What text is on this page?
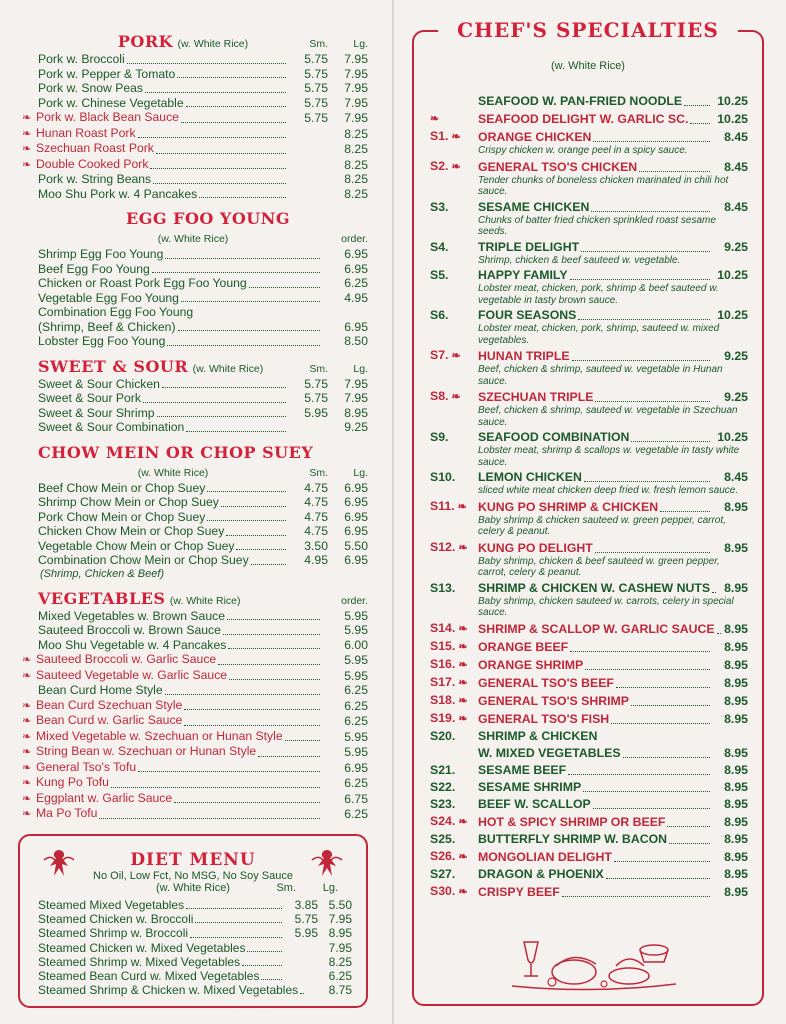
PORK (w. White Rice)	Sm.	Lg.
Pork w. Broccoli	5.75	7.95
Pork w. Pepper & Tomato	5.75	7.95
Pork w. Snow Peas	5.75	7.95
Pork w. Chinese Vegetable	5.75	7.95
❧ Pork w. Black Bean Sauce	5.75	7.95
❧ Hunan Roast Pork	8.25
❧ Szechuan Roast Pork	8.25
❧ Double Cooked Pork	8.25
Pork w. String Beans	8.25
Moo Shu Pork w. 4 Pancakes	8.25
EGG FOO YOUNG
(w. White Rice)	order.
Shrimp Egg Foo Young	6.95
Beef Egg Foo Young	6.95
Chicken or Roast Pork Egg Foo Young	6.25
Vegetable Egg Foo Young	4.95
Combination Egg Foo Young
(Shrimp, Beef & Chicken)	6.95
Lobster Egg Foo Young	8.50
SWEET & SOUR (w. White Rice)	Sm.	Lg.
Sweet & Sour Chicken	5.75	7.95
Sweet & Sour Pork	5.75	7.95
Sweet & Sour Shrimp	5.95	8.95
Sweet & Sour Combination	9.25
CHOW MEIN OR CHOP SUEY
(w. White Rice)	Sm.	Lg.
Beef Chow Mein or Chop Suey	4.75	6.95
Shrimp Chow Mein or Chop Suey	4.75	6.95
Pork Chow Mein or Chop Suey	4.75	6.95
Chicken Chow Mein or Chop Suey	4.75	6.95
Vegetable Chow Mein or Chop Suey	3.50	5.50
Combination Chow Mein or Chop Suey	4.95	6.95
(Shrimp, Chicken & Beef)
VEGETABLES (w. White Rice)	order.
Mixed Vegetables w. Brown Sauce	5.95
Sauteed Broccoli w. Brown Sauce	5.95
Moo Shu Vegetable w. 4 Pancakes	6.00
❧ Sauteed Broccoli w. Garlic Sauce	5.95
❧ Sauteed Vegetable w. Garlic Sauce	5.95
Bean Curd Home Style	6.25
❧ Bean Curd Szechuan Style	6.25
❧ Bean Curd w. Garlic Sauce	6.25
❧ Mixed Vegetable w. Szechuan or Hunan Style	5.95
❧ String Bean w. Szechuan or Hunan Style	5.95
❧ General Tso's Tofu	6.95
❧ Kung Po Tofu	6.25
❧ Eggplant w. Garlic Sauce	6.75
❧ Ma Po Tofu	6.25
DIET MENU
No Oil, Low Fct, No MSG, No Soy Sauce
(w. White Rice)	Sm. Lg.
Steamed Mixed Vegetables	3.85 5.50
Steamed Chicken w. Broccoli	5.75 7.95
Steamed Shrimp w. Broccoli	5.95 8.95
Steamed Chicken w. Mixed Vegetables	7.95
Steamed Shrimp w. Mixed Vegetables	8.25
Steamed Bean Curd w. Mixed Vegetables	6.25
Steamed Shrimp & Chicken w. Mixed Vegetables	8.75
CHEF'S SPECIALTIES
(w. White Rice)
SEAFOOD W. PAN-FRIED NOODLE	10.25
❧	SEAFOOD DELIGHT W. GARLIC SC.	10.25
S1. ❧	ORANGE CHICKEN	8.45
Crispy chicken w. orange peel in a spicy sauce.
S2. ❧	GENERAL TSO'S CHICKEN	8.45
Tender chunks of boneless chicken marinated in chili hot sauce.
S3.	SESAME CHICKEN	8.45
Chunks of batter fried chicken sprinkled roast sesame seeds.
S4.	TRIPLE DELIGHT	9.25
Shrimp, chicken & beef sauteed w. vegetable.
S5.	HAPPY FAMILY	10.25
Lobster meat, chicken, pork, shrimp & beef sauteed w. vegetable in tasty brown sauce.
S6.	FOUR SEASONS	10.25
Lobster meat, chicken, pork, shrimp, sauteed w. mixed vegetables.
S7. ❧	HUNAN TRIPLE	9.25
Beef, chicken & shrimp, sauteed w. vegetable in Hunan sauce.
S8. ❧	SZECHUAN TRIPLE	9.25
Beef, chicken & shrimp, sauteed w. vegetable in Szechuan sauce.
S9.	SEAFOOD COMBINATION	10.25
Lobster meat, shrimp & scallops w. vegetable in tasty white sauce.
S10.	LEMON CHICKEN	8.45
sliced white meat chicken deep fried w. fresh lemon sauce.
S11. ❧ KUNG PO SHRIMP & CHICKEN	8.95
Baby shrimp & chicken sauteed w. green pepper, carrot, celery & peanut.
S12. ❧ KUNG PO DELIGHT	8.95
Baby shrimp, chicken & beef sauteed w. green pepper, carrot, celery & peanut.
S13.	SHRIMP & CHICKEN W. CASHEW NUTS	8.95
Baby shrimp, chicken sauteed w. carrots, celery in special sauce.
S14. ❧ SHRIMP & SCALLOP W. GARLIC SAUCE 8.95
S15. ❧ ORANGE BEEF	8.95
S16. ❧ ORANGE SHRIMP	8.95
S17. ❧ GENERAL TSO'S BEEF	8.95
S18. ❧ GENERAL TSO'S SHRIMP	8.95
S19. ❧ GENERAL TSO'S FISH	8.95
S20.	SHRIMP & CHICKEN
W. MIXED VEGETABLES	8.95
S21.	SESAME BEEF	8.95
S22.	SESAME SHRIMP	8.95
S23.	BEEF W. SCALLOP	8.95
S24. ❧ HOT & SPICY SHRIMP OR BEEF	8.95
S25.	BUTTERFLY SHRIMP W. BACON	8.95
S26. ❧ MONGOLIAN DELIGHT	8.95
S27.	DRAGON & PHOENIX	8.95
S30. ❧ CRISPY BEEF	8.95
